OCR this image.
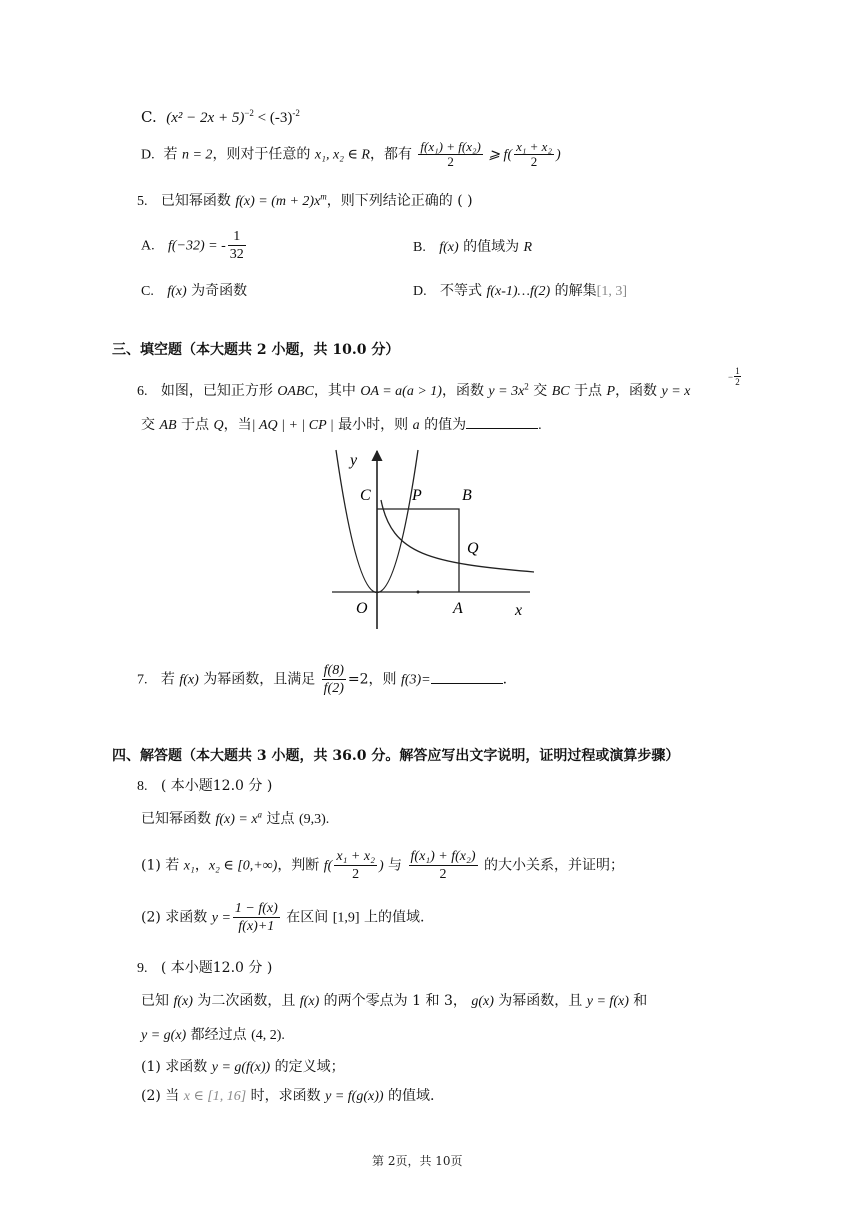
C. $(x^2 - 2x + 5)^{-2} < (-3)^{-2}$
D. 若 n = 2，则对于任意的 x₁, x₂ ∈ R，都有 $\frac{\text{f(x₁) + f(x₂)}}{2}$ ⩾ $f( \frac{\text{x₁ + x₂}}{2}$ )
5. 已知幂函数 $f(x) = (m + 2)x^m$，则下列结论正确的 ( )
A. f(−32) = - $\frac{1}{32}$	B. f(x) 的值域为 R
C. f(x) 为奇函数	D. 不等式 f(x-1)…f(2) 的解集[1, 3]
三、填空题（本大题共 2 小题，共 10.0 分）
6. 如图，已知正方形 OABC，其中 OA = a(a > 1)，函数 $y = 3x^2$ 交 BC 于点 P，函数 y = x
−
1
2
交 AB 于点 Q，当| AQ | + | CP | 最小时，则 a 的值为	.
y
C	P	B
Q
O	A	x
7. 若 f(x) 为幂函数，且满足 $\frac{f(8)}{f(2)} =2$，则 f(3)=	.
四、解答题（本大题共 3 小题，共 36.0 分。解答应写出文字说明，证明过程或演算步骤）
8. ( 本小题12.0 分 )
已知幂函数 $f(x) = x^a$ 过点 (9,3).
(1) 若 x₁，x₂ ∈ [0,+∞)，判断 $f( \frac{\text{x₁ + x₂}}{2}$ ) 与 $\frac{\text{f(x₁) + f(x₂)}}{2}$ 的大小关系，并证明；
(2) 求函数 $y = \frac{1 - f(x)}{f(x)+1}$ 在区间 [1,9] 上的值域.
9. ( 本小题12.0 分 )
已知 f(x) 为二次函数，且 f(x) 的两个零点为 1 和 3， g(x) 为幂函数，且 y = f(x) 和
y = g(x) 都经过点 (4, 2).
(1) 求函数 y = g(f(x)) 的定义域；
(2) 当 x ∈ [1, 16] 时，求函数 y = f(g(x)) 的值域.
第 2页，共 10页
